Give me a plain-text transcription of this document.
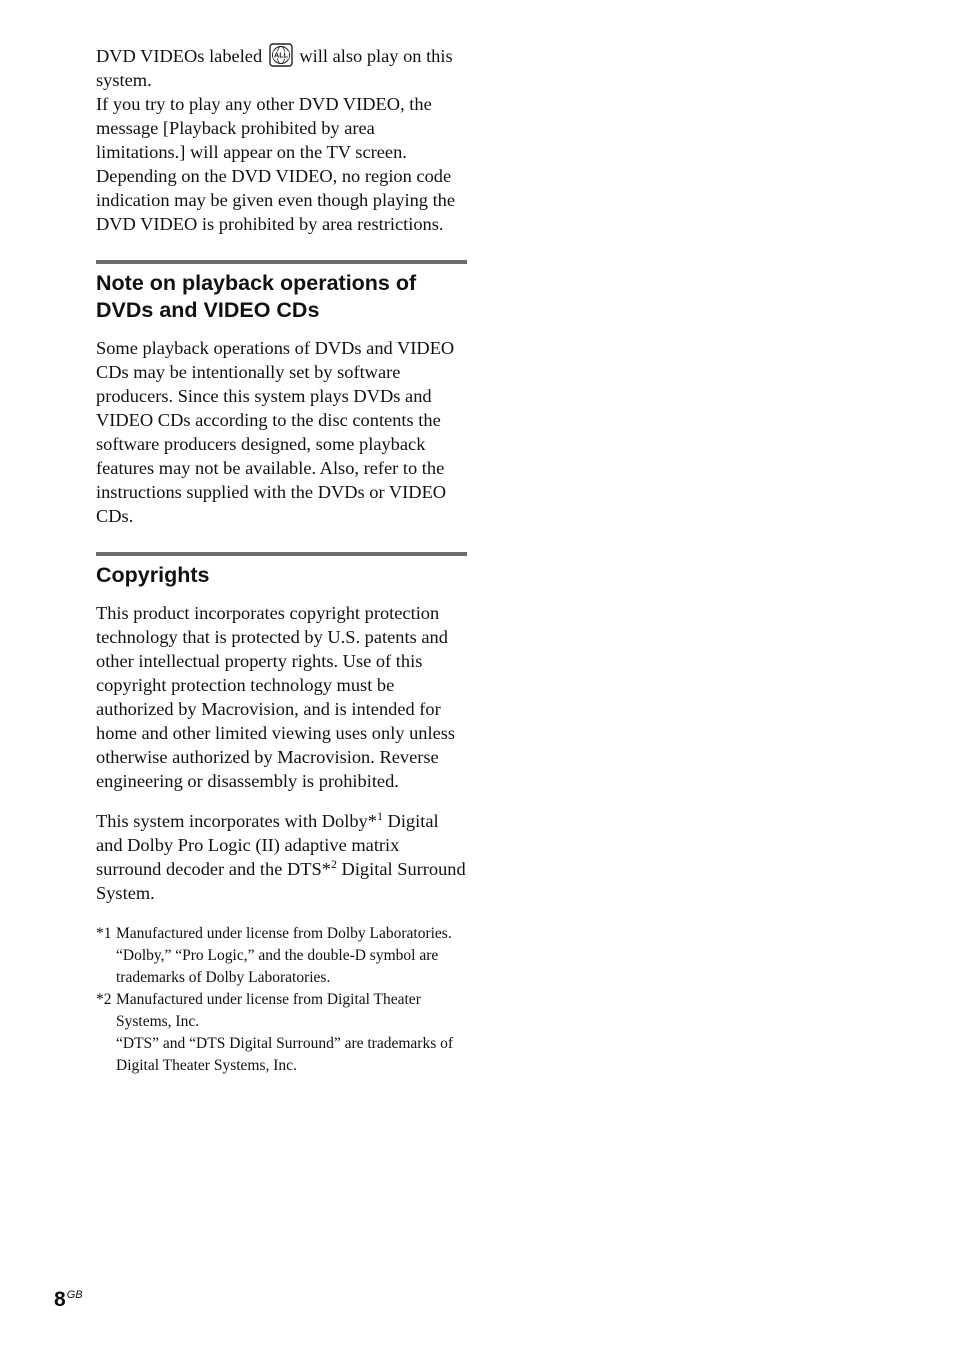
DVD VIDEOs labeled ALL will also play on this system.

If you try to play any other DVD VIDEO, the message [Playback prohibited by area limitations.] will appear on the TV screen. Depending on the DVD VIDEO, no region code indication may be given even though playing the DVD VIDEO is prohibited by area restrictions.

Note on playback operations of DVDs and VIDEO CDs

Some playback operations of DVDs and VIDEO CDs may be intentionally set by software producers. Since this system plays DVDs and VIDEO CDs according to the disc contents the software producers designed, some playback features may not be available. Also, refer to the instructions supplied with the DVDs or VIDEO CDs.

Copyrights

This product incorporates copyright protection technology that is protected by U.S. patents and other intellectual property rights. Use of this copyright protection technology must be authorized by Macrovision, and is intended for home and other limited viewing uses only unless otherwise authorized by Macrovision. Reverse engineering or disassembly is prohibited.

This system incorporates with Dolby*$^1$ Digital and Dolby Pro Logic (II) adaptive matrix surround decoder and the DTS*$^2$ Digital Surround System.

*1 Manufactured under license from Dolby Laboratories.
“Dolby,” “Pro Logic,” and the double-D symbol are trademarks of Dolby Laboratories.
*2 Manufactured under license from Digital Theater Systems, Inc.
“DTS” and “DTS Digital Surround” are trademarks of Digital Theater Systems, Inc.
$8^{GB}$
